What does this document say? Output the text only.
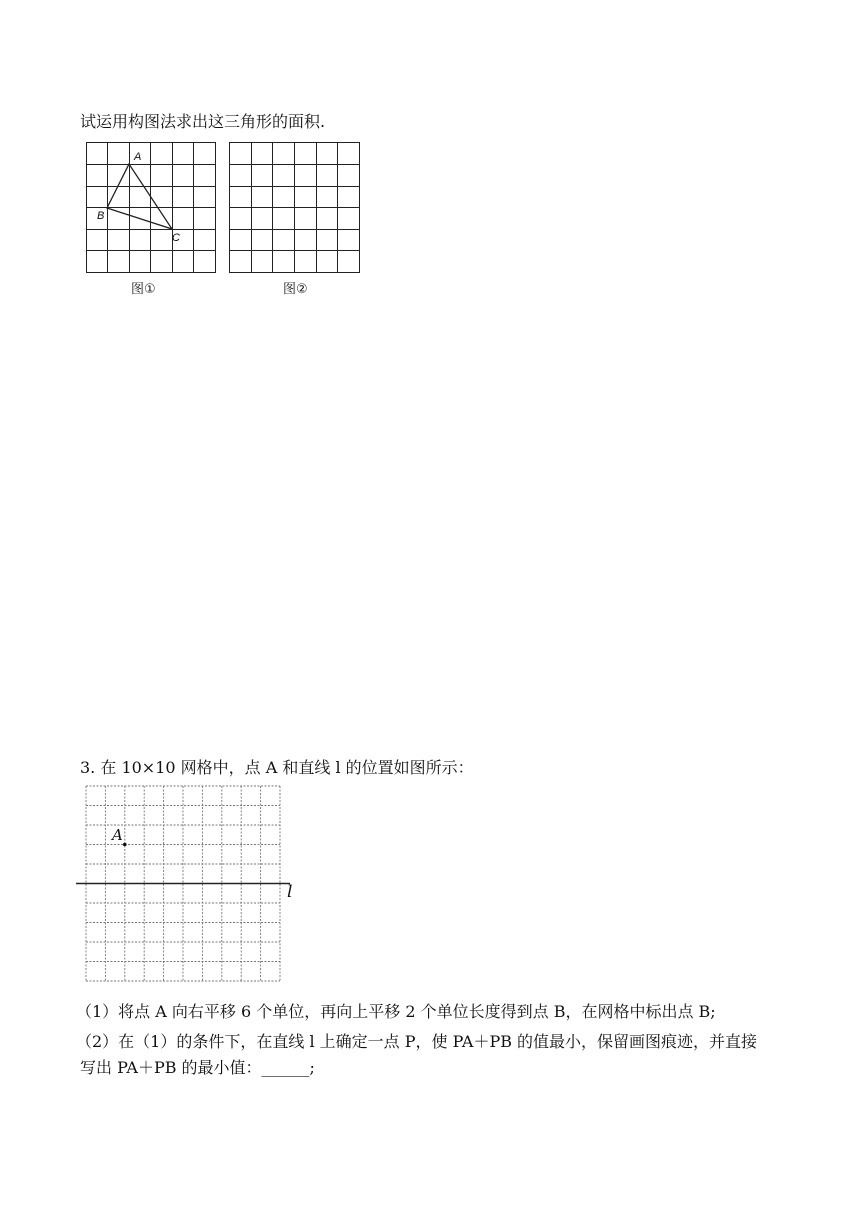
试运用构图法求出这三角形的面积.
A
B
C
图①	图②
3. 在 10×10 网格中，点 A 和直线 l 的位置如图所示：
A
l
（1）将点 A 向右平移 6 个单位，再向上平移 2 个单位长度得到点 B，在网格中标出点 B;
（2）在（1）的条件下，在直线 l 上确定一点 P，使 PA＋PB 的值最小，保留画图痕迹，并直接
写出 PA＋PB 的最小值：______;
